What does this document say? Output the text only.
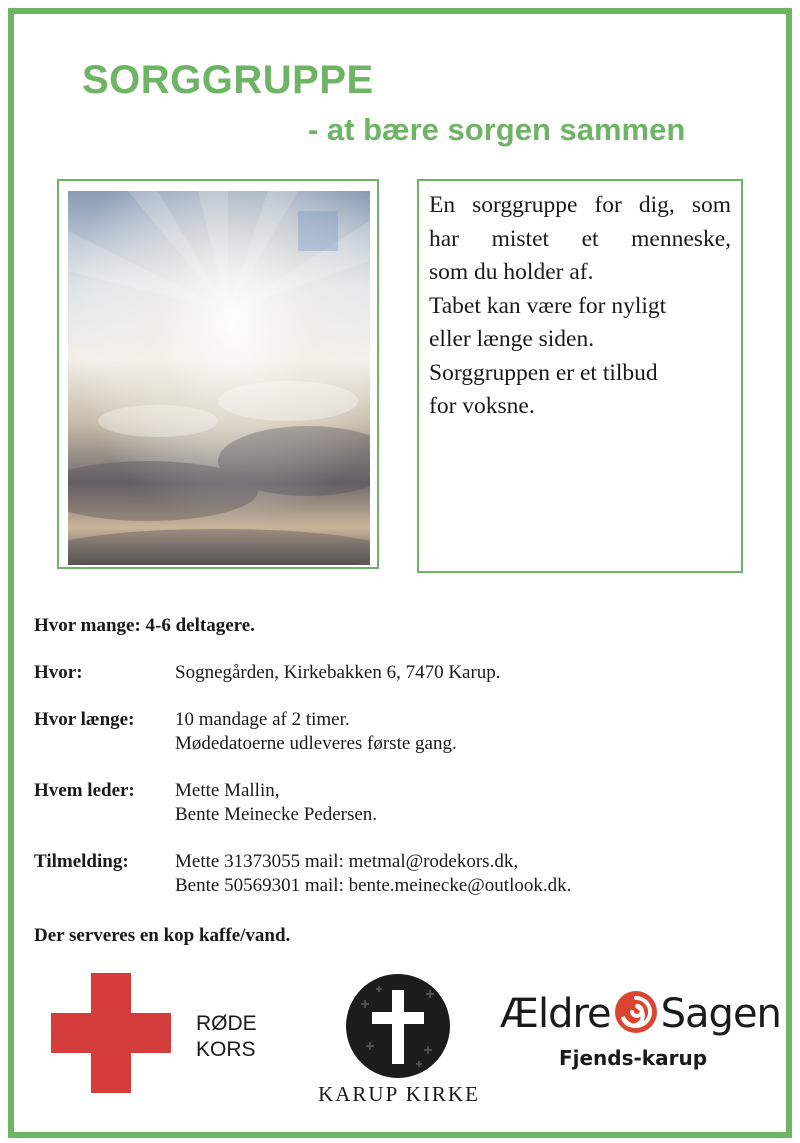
SORGGRUPPE
- at bære sorgen sammen
En sorggruppe for dig, som
har mistet et menneske,
som du holder af.
Tabet kan være for nyligt
eller længe siden.
Sorggruppen er et tilbud
for voksne.
Hvor mange: 4-6 deltagere.
Hvor:	Sognegården, Kirkebakken 6, 7470 Karup.
Hvor længe: 10 mandage af 2 timer.
Mødedatoerne udleveres første gang.
Hvem leder: Mette Mallin,
Bente Meinecke Pedersen.
Tilmelding: Mette 31373055 mail: metmal@rodekors.dk,
Bente 50569301 mail: bente.meinecke@outlook.dk.
Der serveres en kop kaffe/vand.
RØDE
KORS
KARUP KIRKE
Ældre Sagen
Fjends-karup
